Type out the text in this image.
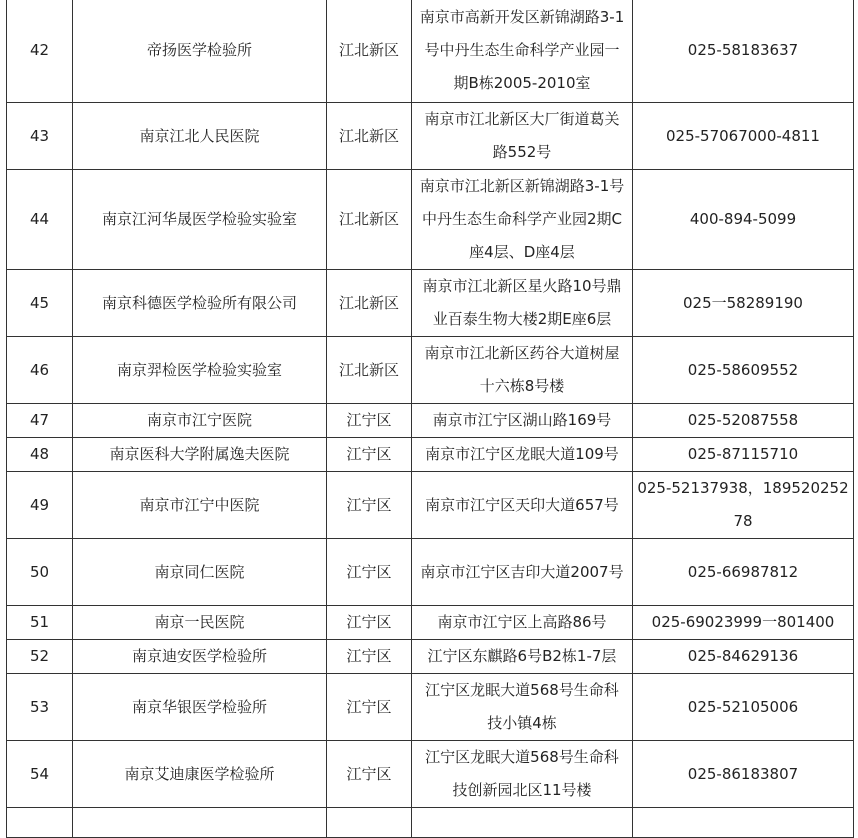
42	帝扬医学检验所	江北新区	南京市高新开发区新锦湖路3-1号中丹生态生命科学产业园一期B栋2005-2010室	025-58183637
43	南京江北人民医院	江北新区	南京市江北新区大厂街道葛关路552号	025-57067000-4811
44	南京江河华晟医学检验实验室	江北新区	南京市江北新区新锦湖路3-1号中丹生态生命科学产业园2期C座4层、D座4层	400-894-5099
45	南京科德医学检验所有限公司	江北新区	南京市江北新区星火路10号鼎业百泰生物大楼2期E座6层	025一58289190
46	南京羿检医学检验实验室	江北新区	南京市江北新区药谷大道树屋十六栋8号楼	025-58609552
47	南京市江宁医院	江宁区	南京市江宁区湖山路169号	025-52087558
48	南京医科大学附属逸夫医院	江宁区	南京市江宁区龙眠大道109号	025-87115710
49	南京市江宁中医院	江宁区	南京市江宁区天印大道657号	025-52137938，18952025278
50	南京同仁医院	江宁区	南京市江宁区吉印大道2007号	025-66987812
51	南京一民医院	江宁区	南京市江宁区上高路86号	025-69023999一801400
52	南京迪安医学检验所	江宁区	江宁区东麒路6号B2栋1-7层	025-84629136
53	南京华银医学检验所	江宁区	江宁区龙眠大道568号生命科技小镇4栋	025-52105006
54	南京艾迪康医学检验所	江宁区	江宁区龙眠大道568号生命科技创新园北区11号楼	025-86183807
